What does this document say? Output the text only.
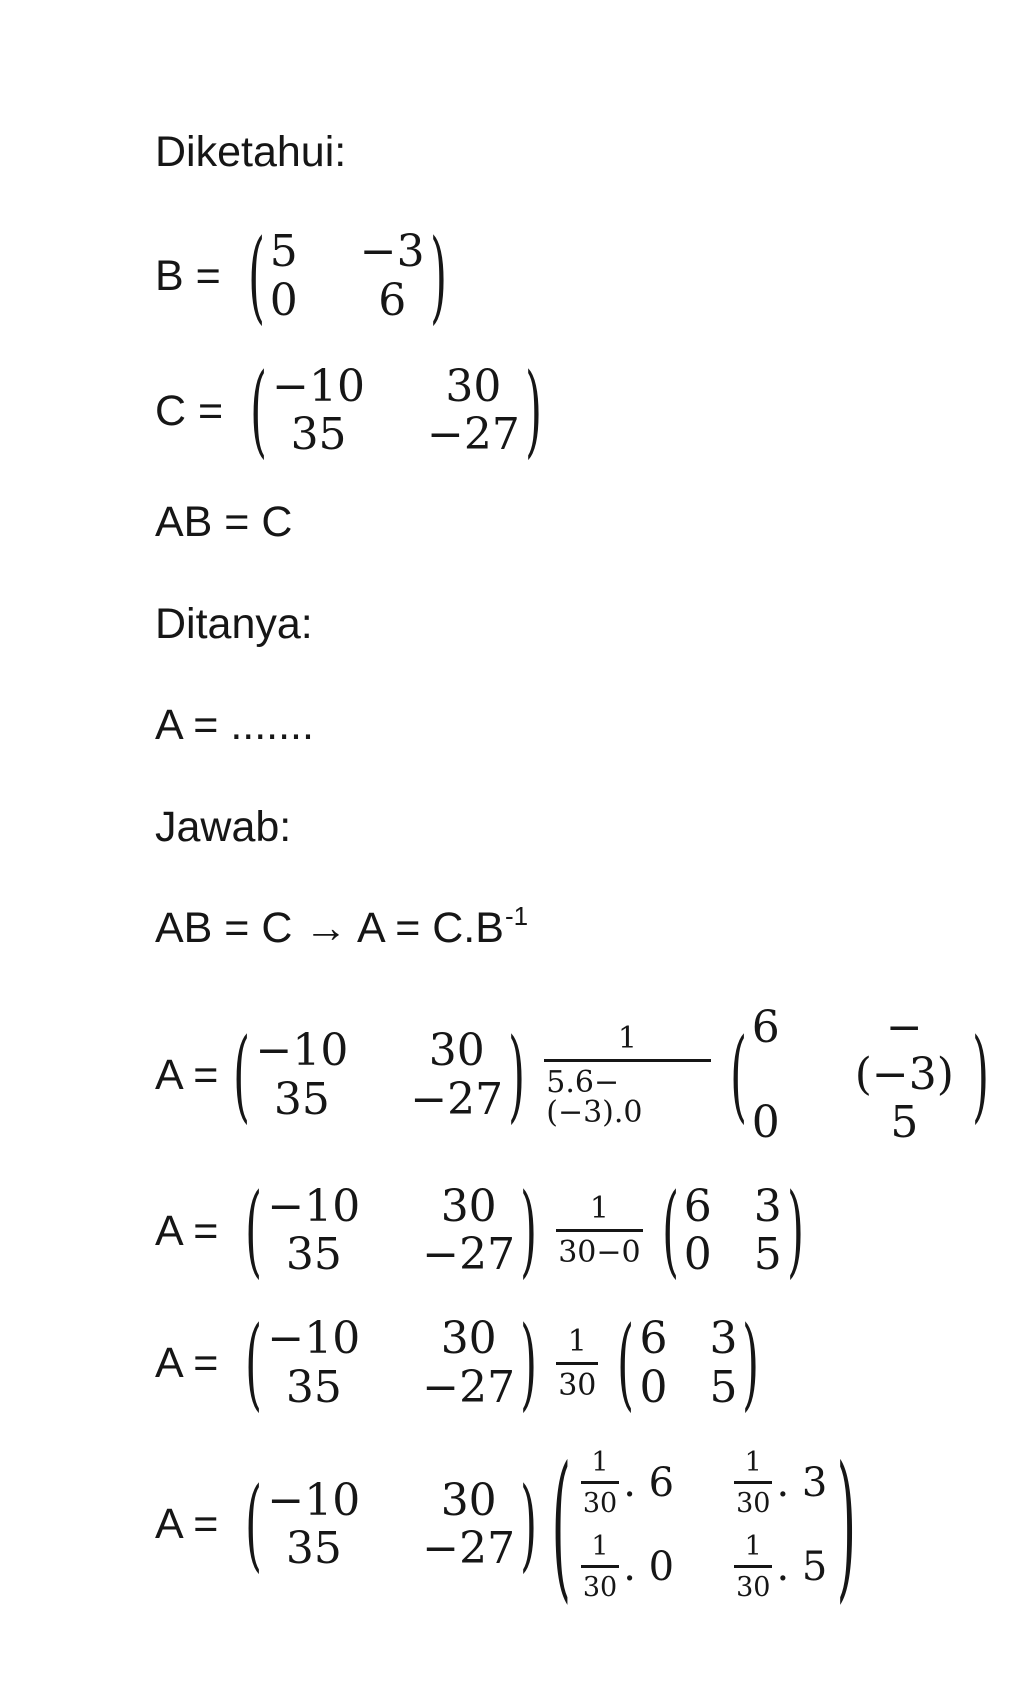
Diketahui:

B = ( 5 −3
0 6 )
C = ( −10 30
35 −27 )

AB = C

Ditanya:

A = .......

Jawab:

AB = $C \to A = C.B^{-1}$

A = ( −10 30
35 −27 ) $\frac{1}{5.6-(-3).0}$ ( 6	−(−3)
0	5 )
A = ( −10 30
35 −27 ) $\frac{1}{30-0}$ ( 6 3
0 5 )
A = ( −10 30
35 −27 ) $\frac{1}{30}$ ( 6 3
0 5 )
A = ( −10 30
35 −27 ) ( $\frac{1}{30}$ . $6 \frac{1}{30}$ . 3
$\frac{1}{30}$ . $0 \frac{1}{30}$ . 5 )
